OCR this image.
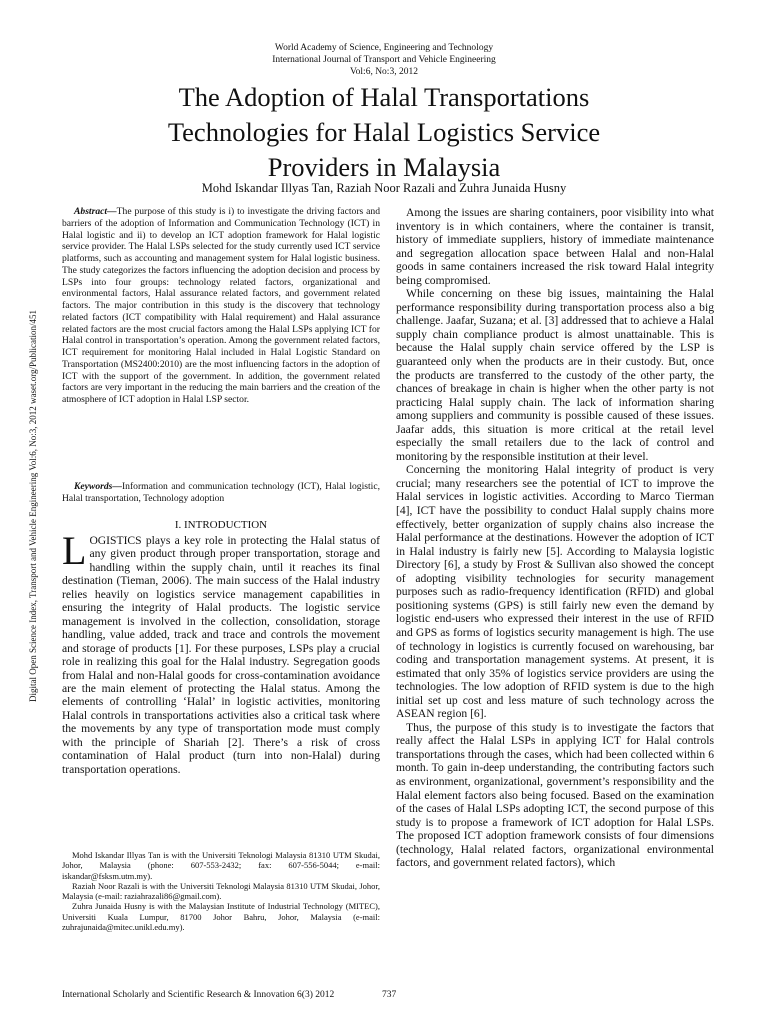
World Academy of Science, Engineering and Technology
International Journal of Transport and Vehicle Engineering
Vol:6, No:3, 2012
The Adoption of Halal Transportations
Technologies for Halal Logistics Service
Providers in Malaysia
Mohd Iskandar Illyas Tan, Raziah Noor Razali and Zuhra Junaida Husny
Digital Open Science Index, Transport and Vehicle Engineering Vol:6, No:3, 2012 waset.org/Publication/451

Abstract—The purpose of this study is i) to investigate the driving factors and barriers of the adoption of Information and Communication Technology (ICT) in Halal logistic and ii) to develop an ICT adoption framework for Halal logistic service provider. The Halal LSPs selected for the study currently used ICT service platforms, such as accounting and management system for Halal logistic business. The study categorizes the factors influencing the adoption decision and process by LSPs into four groups: technology related factors, organizational and environmental factors, Halal assurance related factors, and government related factors. The major contribution in this study is the discovery that technology related factors (ICT compatibility with Halal requirement) and Halal assurance related factors are the most crucial factors among the Halal LSPs applying ICT for Halal control in transportation’s operation. Among the government related factors, ICT requirement for monitoring Halal included in Halal Logistic Standard on Transportation (MS2400:2010) are the most influencing factors in the adoption of ICT with the support of the government. In addition, the government related factors are very important in the reducing the main barriers and the creation of the atmosphere of ICT adoption in Halal LSP sector.

Keywords—Information and communication technology (ICT), Halal logistic, Halal transportation, Technology adoption

I. INTRODUCTION

LOGISTICS plays a key role in protecting the Halal status of any given product through proper transportation, storage and handling within the supply chain, until it reaches its final destination (Tieman, 2006). The main success of the Halal industry relies heavily on logistics service management capabilities in ensuring the integrity of Halal products. The logistic service management is involved in the collection, consolidation, storage handling, value added, track and trace and controls the movement and storage of products [1]. For these purposes, LSPs play a crucial role in realizing this goal for the Halal industry. Segregation goods from Halal and non-Halal goods for cross-contamination avoidance are the main element of protecting the Halal status. Among the elements of controlling ‘Halal’ in logistic activities, monitoring Halal controls in transportations activities also a critical task where the movements by any type of transportation mode must comply with the principle of Shariah [2]. There’s a risk of cross contamination of Halal product (turn into non-Halal) during transportation operations.

Mohd Iskandar Illyas Tan is with the Universiti Teknologi Malaysia 81310 UTM Skudai, Johor, Malaysia (phone: 607-553-2432; fax: 607-556-5044; e-mail: iskandar@fsksm.utm.my).

Raziah Noor Razali is with the Universiti Teknologi Malaysia 81310 UTM Skudai, Johor, Malaysia (e-mail: raziahrazali86@gmail.com).

Zuhra Junaida Husny is with the Malaysian Institute of Industrial Technology (MITEC), Universiti Kuala Lumpur, 81700 Johor Bahru, Johor, Malaysia (e-mail: zuhrajunaida@mitec.unikl.edu.my).

Among the issues are sharing containers, poor visibility into what inventory is in which containers, where the container is transit, history of immediate suppliers, history of immediate maintenance and segregation allocation space between Halal and non-Halal goods in same containers increased the risk toward Halal integrity being compromised.

While concerning on these big issues, maintaining the Halal performance responsibility during transportation process also a big challenge. Jaafar, Suzana; et al. [3] addressed that to achieve a Halal supply chain compliance product is almost unattainable. This is because the Halal supply chain service offered by the LSP is guaranteed only when the products are in their custody. But, once the products are transferred to the custody of the other party, the chances of breakage in chain is higher when the other party is not practicing Halal supply chain. The lack of information sharing among suppliers and community is possible caused of these issues. Jaafar adds, this situation is more critical at the retail level especially the small retailers due to the lack of control and monitoring by the responsible institution at their level.

Concerning the monitoring Halal integrity of product is very crucial; many researchers see the potential of ICT to improve the Halal services in logistic activities. According to Marco Tierman [4], ICT have the possibility to conduct Halal supply chains more effectively, better organization of supply chains also increase the Halal performance at the destinations. However the adoption of ICT in Halal industry is fairly new [5]. According to Malaysia logistic Directory [6], a study by Frost & Sullivan also showed the concept of adopting visibility technologies for security management purposes such as radio-frequency identification (RFID) and global positioning systems (GPS) is still fairly new even the demand by logistic end-users who expressed their interest in the use of RFID and GPS as forms of logistics security management is high. The use of technology in logistics is currently focused on warehousing, bar coding and transportation management systems. At present, it is estimated that only 35% of logistics service providers are using the technologies. The low adoption of RFID system is due to the high initial set up cost and less mature of such technology across the ASEAN region [6].

Thus, the purpose of this study is to investigate the factors that really affect the Halal LSPs in applying ICT for Halal controls transportations through the cases, which had been collected within 6 month. To gain in-deep understanding, the contributing factors such as environment, organizational, government’s responsibility and the Halal element factors also being focused. Based on the examination of the cases of Halal LSPs adopting ICT, the second purpose of this study is to propose a framework of ICT adoption for Halal LSPs. The proposed ICT adoption framework consists of four dimensions (technology, Halal related factors, organizational environmental factors, and government related factors), which

International Scholarly and Scientific Research & Innovation 6(3) 2012	737
